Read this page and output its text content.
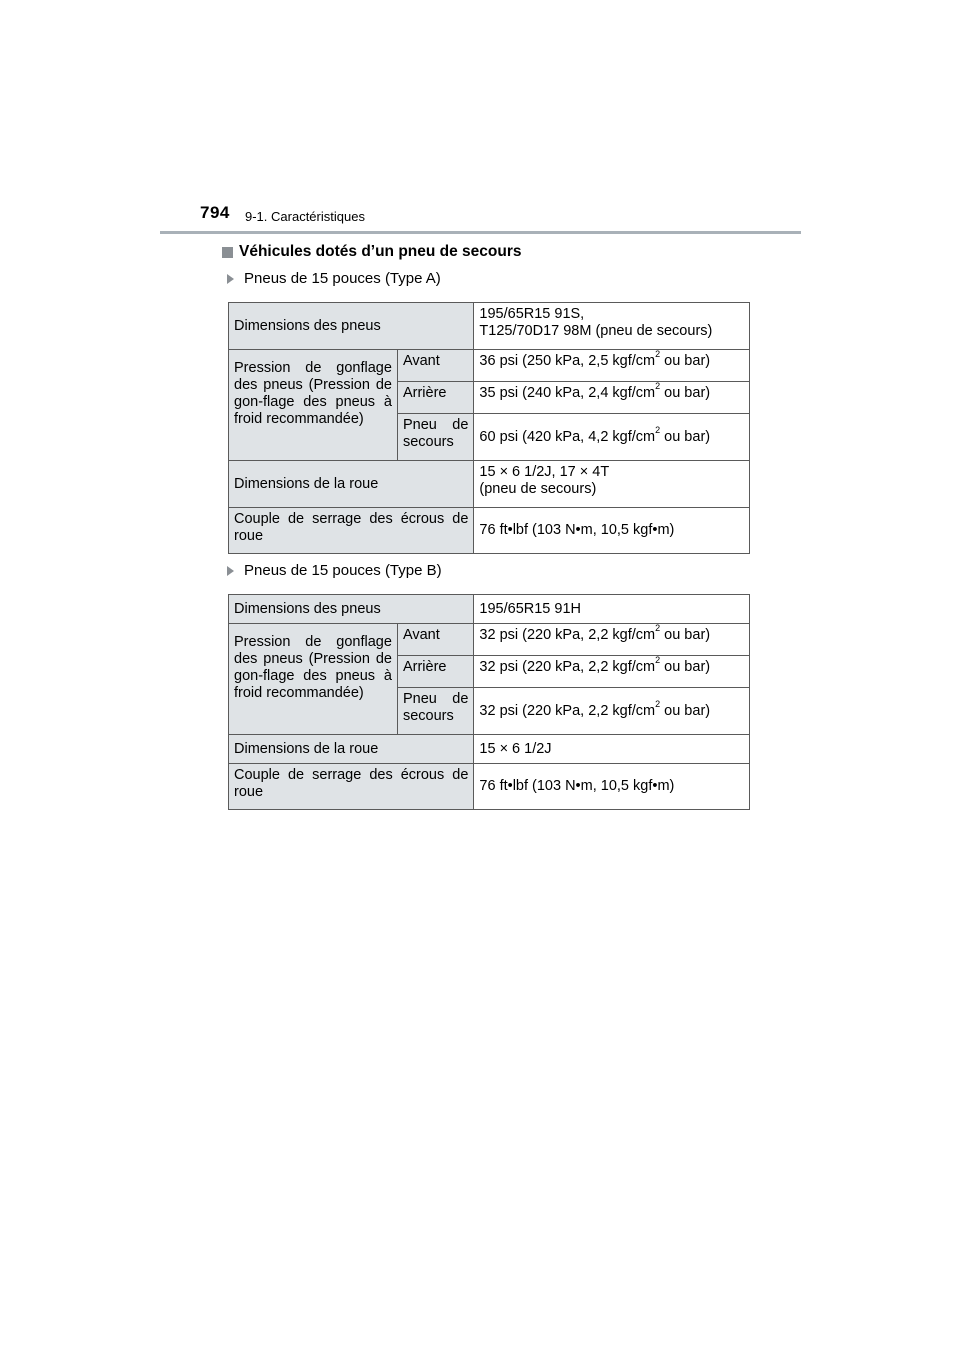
794 9-1. Caractéristiques
Véhicules dotés d’un pneu de secours
Pneus de 15 pouces (Type A)
Dimensions des pneus		195/65R15 91S,
T125/70D17 98M (pneu de secours)

Pression de gonflage des pneus (Pression de gon-flage des pneus à froid recommandée)	Avant	36 psi (250 kPa, 2,5 kgf/$cm^2$ ou bar)
	Arrière	35 psi (240 kPa, 2,4 kgf/$cm^2$ ou bar)
	Pneu de secours	60 psi (420 kPa, 4,2 kgf/$cm^2$ ou bar)
Dimensions de la roue		15 × 6 1/2J, 17 × 4T
(pneu de secours)

Couple de serrage des écrous de roue		76 ft•lbf (103 N•m, 10,5 kgf•m)
Pneus de 15 pouces (Type B)
Dimensions des pneus		195/65R15 91H
Pression de gonflage des pneus (Pression de gon-flage des pneus à froid recommandée)	Avant	32 psi (220 kPa, 2,2 kgf/$cm^2$ ou bar)
	Arrière	32 psi (220 kPa, 2,2 kgf/$cm^2$ ou bar)
	Pneu de secours	32 psi (220 kPa, 2,2 kgf/$cm^2$ ou bar)
Dimensions de la roue		15 × 6 1/2J
Couple de serrage des écrous de roue		76 ft•lbf (103 N•m, 10,5 kgf•m)
